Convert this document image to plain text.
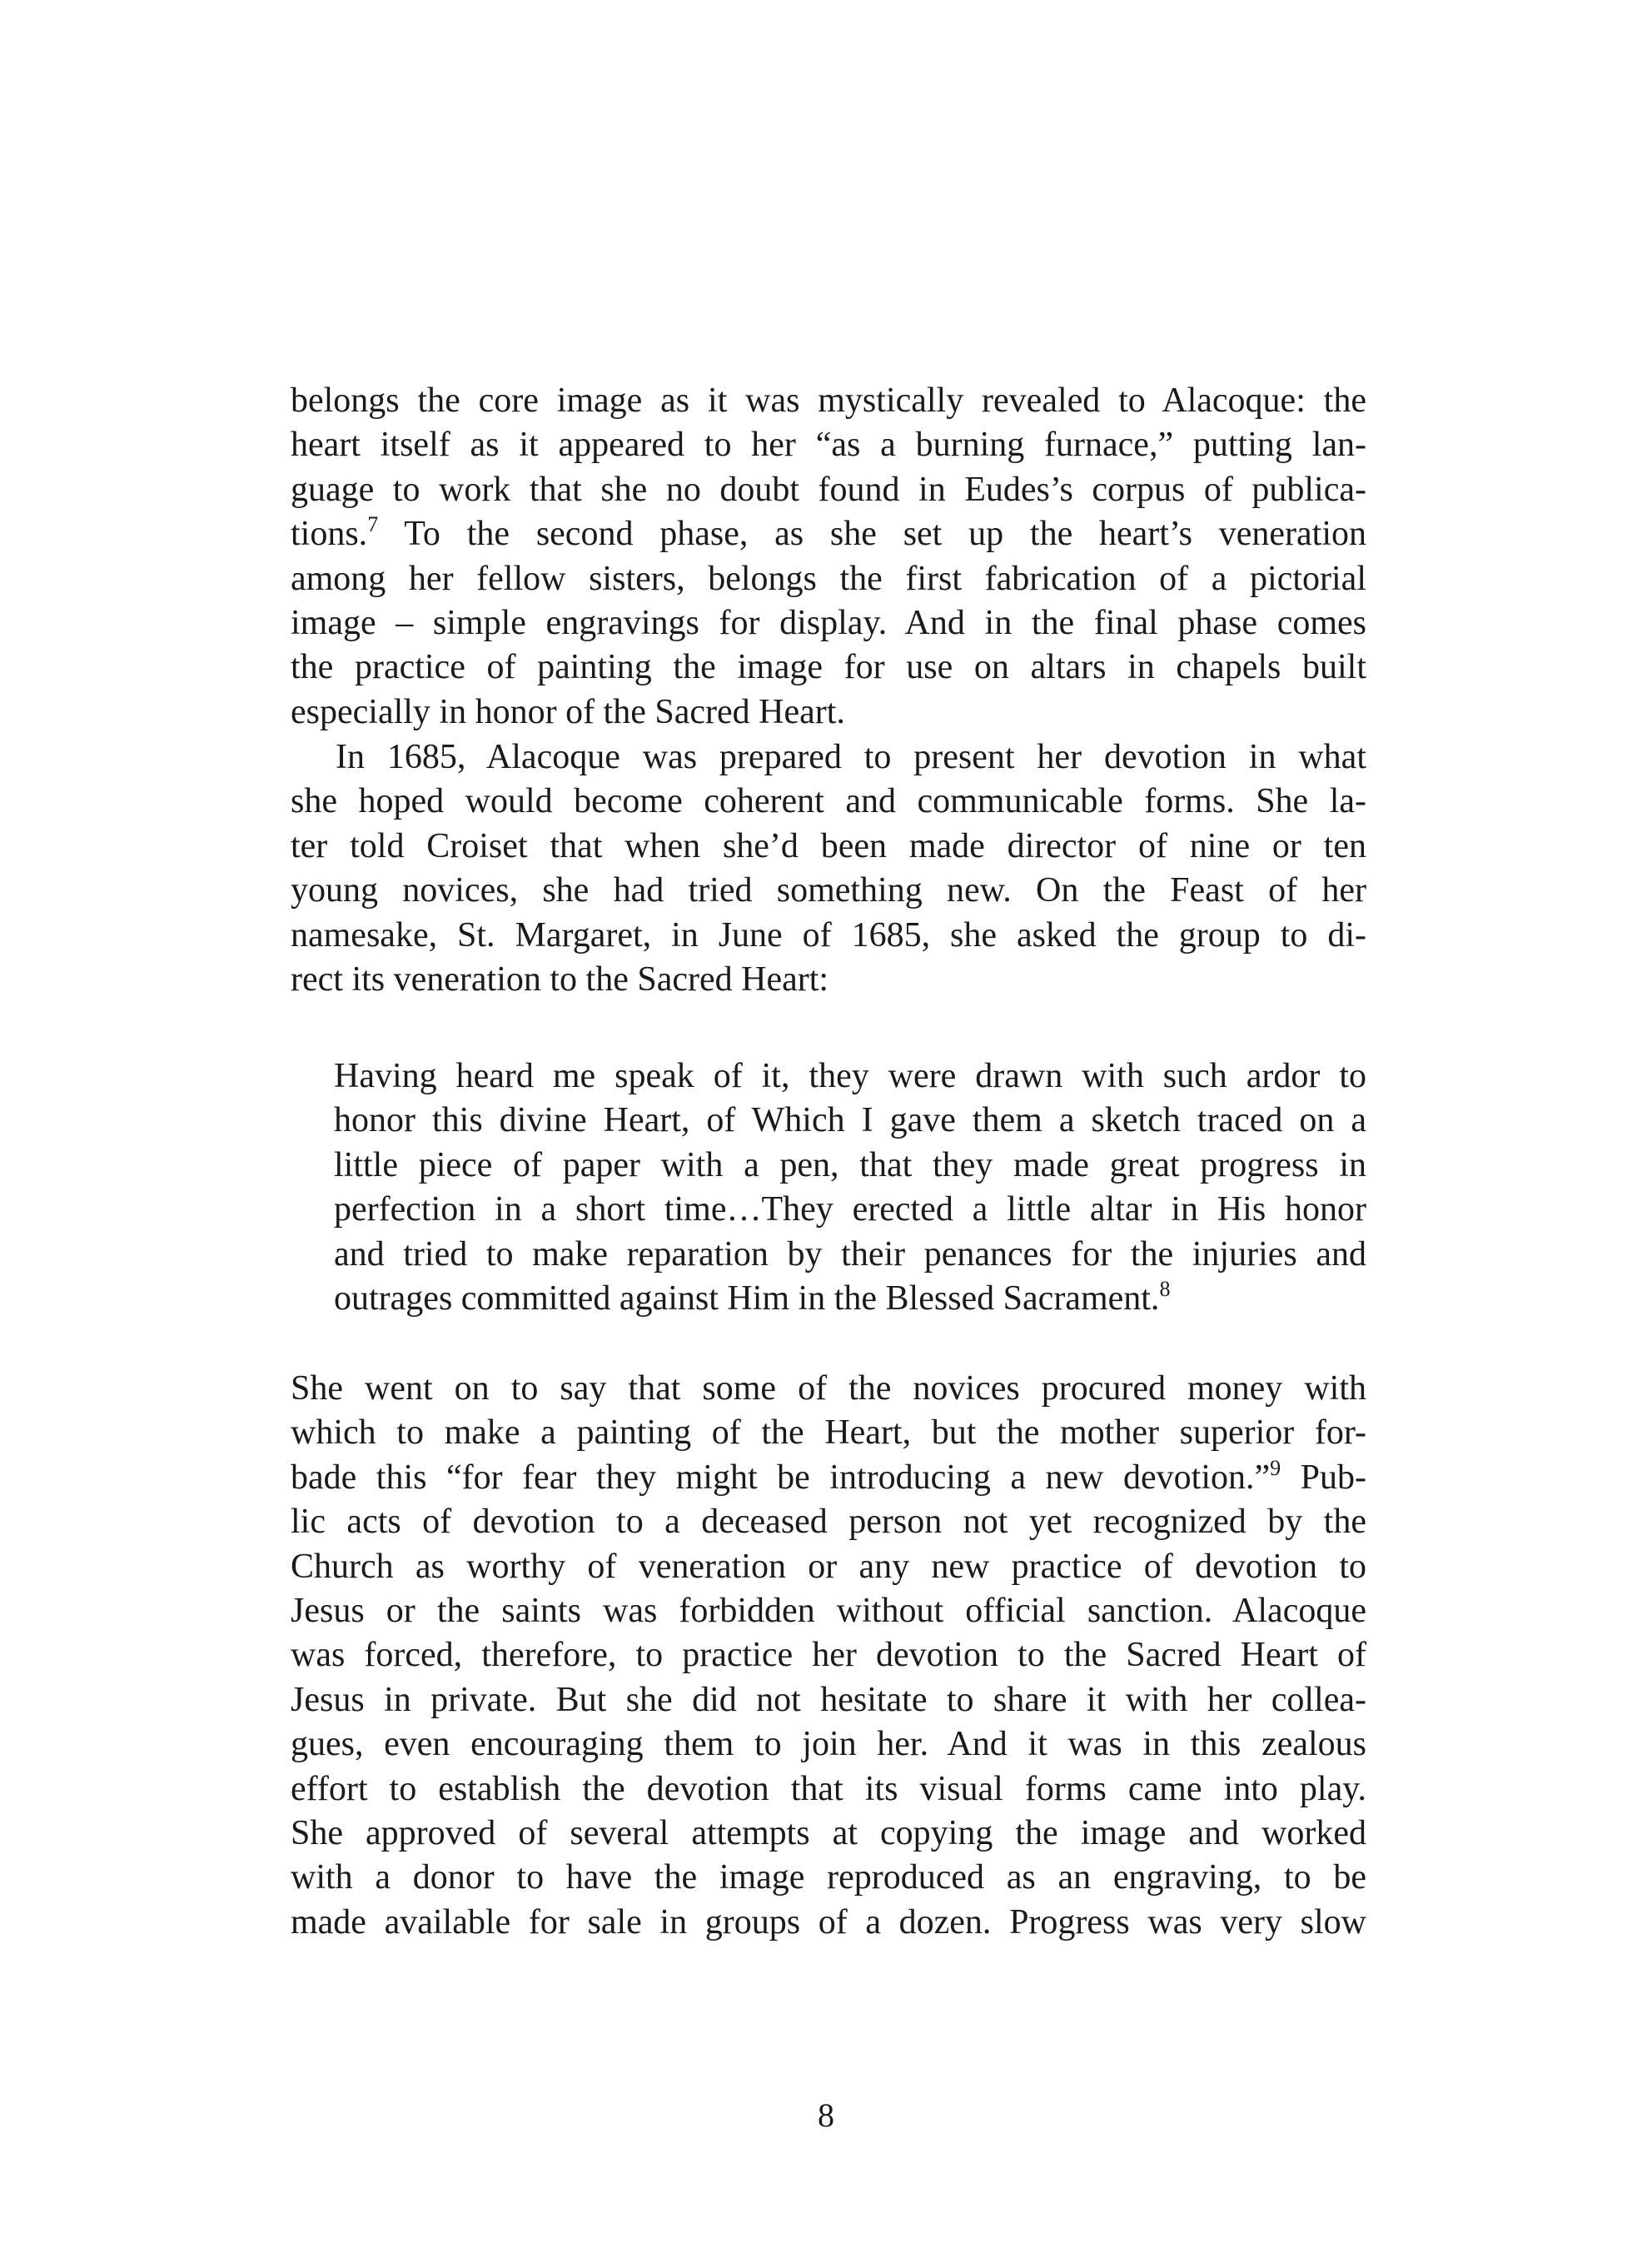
belongs the core image as it was mystically revealed to Alacoque: the
heart itself as it appeared to her “as a burning furnace,” putting lan-
guage to work that she no doubt found in Eudes’s corpus of publica-
tions.$^7$ To the second phase, as she set up the heart’s veneration
among her fellow sisters, belongs the first fabrication of a pictorial
image – simple engravings for display. And in the final phase comes
the practice of painting the image for use on altars in chapels built
especially in honor of the Sacred Heart.
In 1685, Alacoque was prepared to present her devotion in what
she hoped would become coherent and communicable forms. She la-
ter told Croiset that when she’d been made director of nine or ten
young novices, she had tried something new. On the Feast of her
namesake, St. Margaret, in June of 1685, she asked the group to di-
rect its veneration to the Sacred Heart:
Having heard me speak of it, they were drawn with such ardor to
honor this divine Heart, of Which I gave them a sketch traced on a
little piece of paper with a pen, that they made great progress in
perfection in a short time…They erected a little altar in His honor
and tried to make reparation by their penances for the injuries and
outrages committed against Him in the Blessed Sacrament.$^8$
She went on to say that some of the novices procured money with
which to make a painting of the Heart, but the mother superior for-
bade this “for fear they might be introducing a new devotion.”$^9$ Pub-
lic acts of devotion to a deceased person not yet recognized by the
Church as worthy of veneration or any new practice of devotion to
Jesus or the saints was forbidden without official sanction. Alacoque
was forced, therefore, to practice her devotion to the Sacred Heart of
Jesus in private. But she did not hesitate to share it with her collea-
gues, even encouraging them to join her. And it was in this zealous
effort to establish the devotion that its visual forms came into play.
She approved of several attempts at copying the image and worked
with a donor to have the image reproduced as an engraving, to be
made available for sale in groups of a dozen. Progress was very slow
8
